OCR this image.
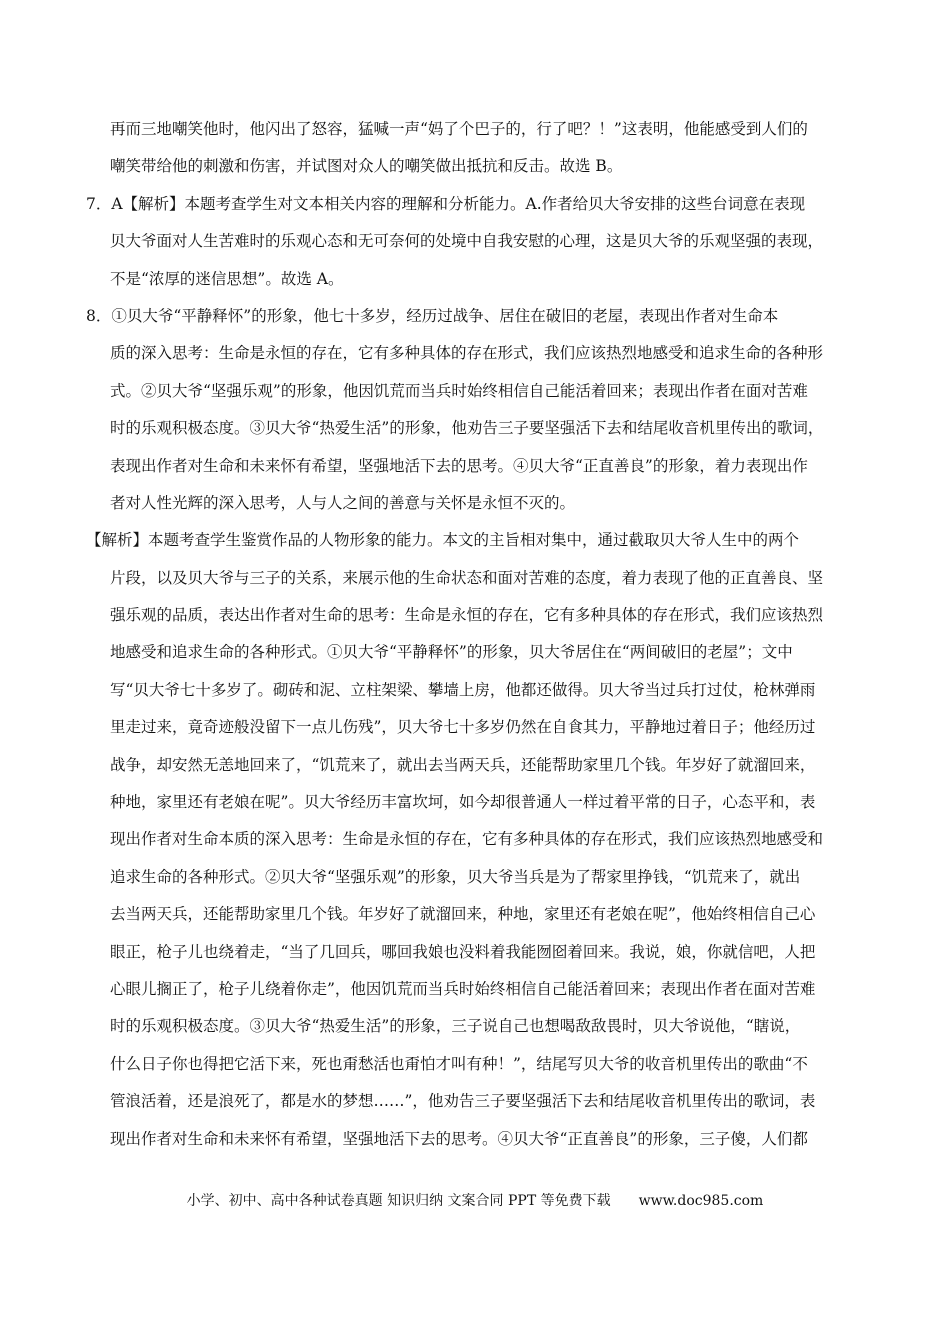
再而三地嘲笑他时，他闪出了怒容，猛喊一声“妈了个巴子的，行了吧？！”这表明，他能感受到人们的
嘲笑带给他的刺激和伤害，并试图对众人的嘲笑做出抵抗和反击。故选 B。
7．A【解析】本题考查学生对文本相关内容的理解和分析能力。A.作者给贝大爷安排的这些台词意在表现
贝大爷面对人生苦难时的乐观心态和无可奈何的处境中自我安慰的心理，这是贝大爷的乐观坚强的表现，
不是“浓厚的迷信思想”。故选 A。
8．①贝大爷“平静释怀”的形象，他七十多岁，经历过战争、居住在破旧的老屋，表现出作者对生命本
质的深入思考：生命是永恒的存在，它有多种具体的存在形式，我们应该热烈地感受和追求生命的各种形
式。②贝大爷“坚强乐观”的形象，他因饥荒而当兵时始终相信自己能活着回来；表现出作者在面对苦难
时的乐观积极态度。③贝大爷“热爱生活”的形象，他劝告三子要坚强活下去和结尾收音机里传出的歌词，
表现出作者对生命和未来怀有希望，坚强地活下去的思考。④贝大爷“正直善良”的形象，着力表现出作
者对人性光辉的深入思考，人与人之间的善意与关怀是永恒不灭的。
【解析】本题考查学生鉴赏作品的人物形象的能力。本文的主旨相对集中，通过截取贝大爷人生中的两个
片段，以及贝大爷与三子的关系，来展示他的生命状态和面对苦难的态度，着力表现了他的正直善良、坚
强乐观的品质，表达出作者对生命的思考：生命是永恒的存在，它有多种具体的存在形式，我们应该热烈
地感受和追求生命的各种形式。①贝大爷“平静释怀”的形象，贝大爷居住在“两间破旧的老屋”；文中
写“贝大爷七十多岁了。砌砖和泥、立柱架梁、攀墙上房，他都还做得。贝大爷当过兵打过仗，枪林弹雨
里走过来，竟奇迹般没留下一点儿伤残”，贝大爷七十多岁仍然在自食其力，平静地过着日子；他经历过
战争，却安然无恙地回来了，“饥荒来了，就出去当两天兵，还能帮助家里几个钱。年岁好了就溜回来，
种地，家里还有老娘在呢”。贝大爷经历丰富坎坷，如今却很普通人一样过着平常的日子，心态平和，表
现出作者对生命本质的深入思考：生命是永恒的存在，它有多种具体的存在形式，我们应该热烈地感受和
追求生命的各种形式。②贝大爷“坚强乐观”的形象，贝大爷当兵是为了帮家里挣钱，“饥荒来了，就出
去当两天兵，还能帮助家里几个钱。年岁好了就溜回来，种地，家里还有老娘在呢”，他始终相信自己心
眼正，枪子儿也绕着走，“当了几回兵，哪回我娘也没料着我能囫囵着回来。我说，娘，你就信吧，人把
心眼儿搁正了，枪子儿绕着你走”，他因饥荒而当兵时始终相信自己能活着回来；表现出作者在面对苦难
时的乐观积极态度。③贝大爷“热爱生活”的形象，三子说自己也想喝敌敌畏时，贝大爷说他，“瞎说，
什么日子你也得把它活下来，死也甭愁活也甭怕才叫有种！”，结尾写贝大爷的收音机里传出的歌曲“不
管浪活着，还是浪死了，都是水的梦想……”，他劝告三子要坚强活下去和结尾收音机里传出的歌词，表
现出作者对生命和未来怀有希望，坚强地活下去的思考。④贝大爷“正直善良”的形象，三子傻，人们都
小学、初中、高中各种试卷真题 知识归纳 文案合同 PPT 等免费下载 www.doc985.com
